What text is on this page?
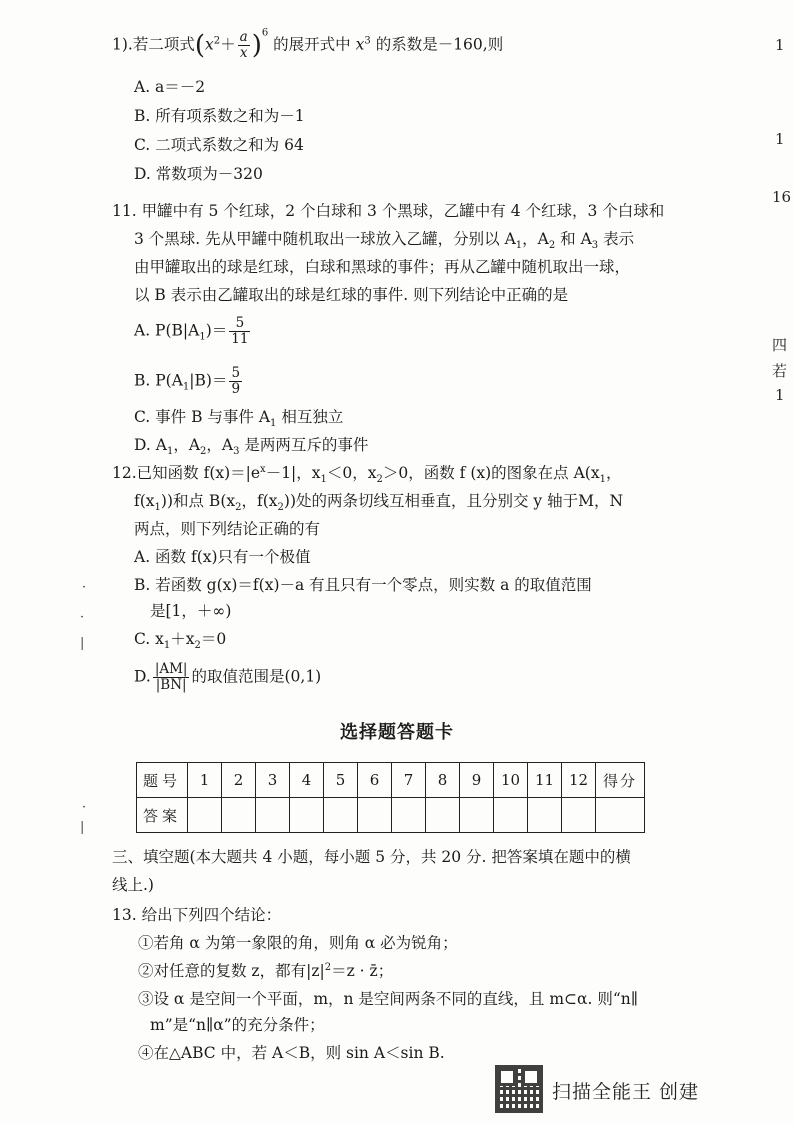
1).若二项式$(x^2+ \frac{a}{x} )^6$ 的展开式中 $x^3$ 的系数是－160,则
A. a＝－2
B. 所有项系数之和为－1
C. 二项式系数之和为 64
D. 常数项为－320
11. 甲罐中有 5 个红球，2 个白球和 3 个黑球，乙罐中有 4 个红球，3 个白球和
3 个黑球. 先从甲罐中随机取出一球放入乙罐，分别以 $A_1$，$A_2$ 和 $A_3$ 表示
由甲罐取出的球是红球，白球和黑球的事件；再从乙罐中随机取出一球，
以 B 表示由乙罐取出的球是红球的事件. 则下列结论中正确的是
A. $P(B|A_1)= \frac{5}{11}$
B. $P(A_1|B)= \frac{5}{9}$
C. 事件 B 与事件 $A_1$ 相互独立
D. $A_1$，$A_2$，$A_3$ 是两两互斥的事件
12.已知函数 $f(x)=|e^x-1|$，$x_1<0$，$x_2>0$，函数 f (x)的图象在点 $A(x_1$，
$f(x_1)$)和点 $B(x_2$，$f(x_2)$)处的两条切线互相垂直，且分别交 y 轴于M，N
两点，则下列结论正确的有
A. 函数 f(x)只有一个极值
B. 若函数 g(x)＝f(x)－a 有且只有一个零点，则实数 a 的取值范围
是[1，＋∞)
C. $x_1+x_2=0$
D. $\frac{|AM|}{|BN|}$ 的取值范围是(0,1)
选择题答题卡
题号	1	2	3	4	5	6	7	8	9	10	11	12	得分
答案													
三、填空题(本大题共 4 小题，每小题 5 分，共 20 分. 把答案填在题中的横
线上.)
13. 给出下列四个结论：
①若角 α 为第一象限的角，则角 α 必为锐角；
②对任意的复数 z，都有$|z|^2=z$ · z̄；
③设 α 是空间一个平面，m，n 是空间两条不同的直线，且 m⊂α. 则“n∥
m”是“n∥α”的充分条件；
④在△ABC 中，若 A＜B，则 sin A＜sin B.
1
1
16
四
若
1
·
·
|
·
|
扫描全能王 创建
